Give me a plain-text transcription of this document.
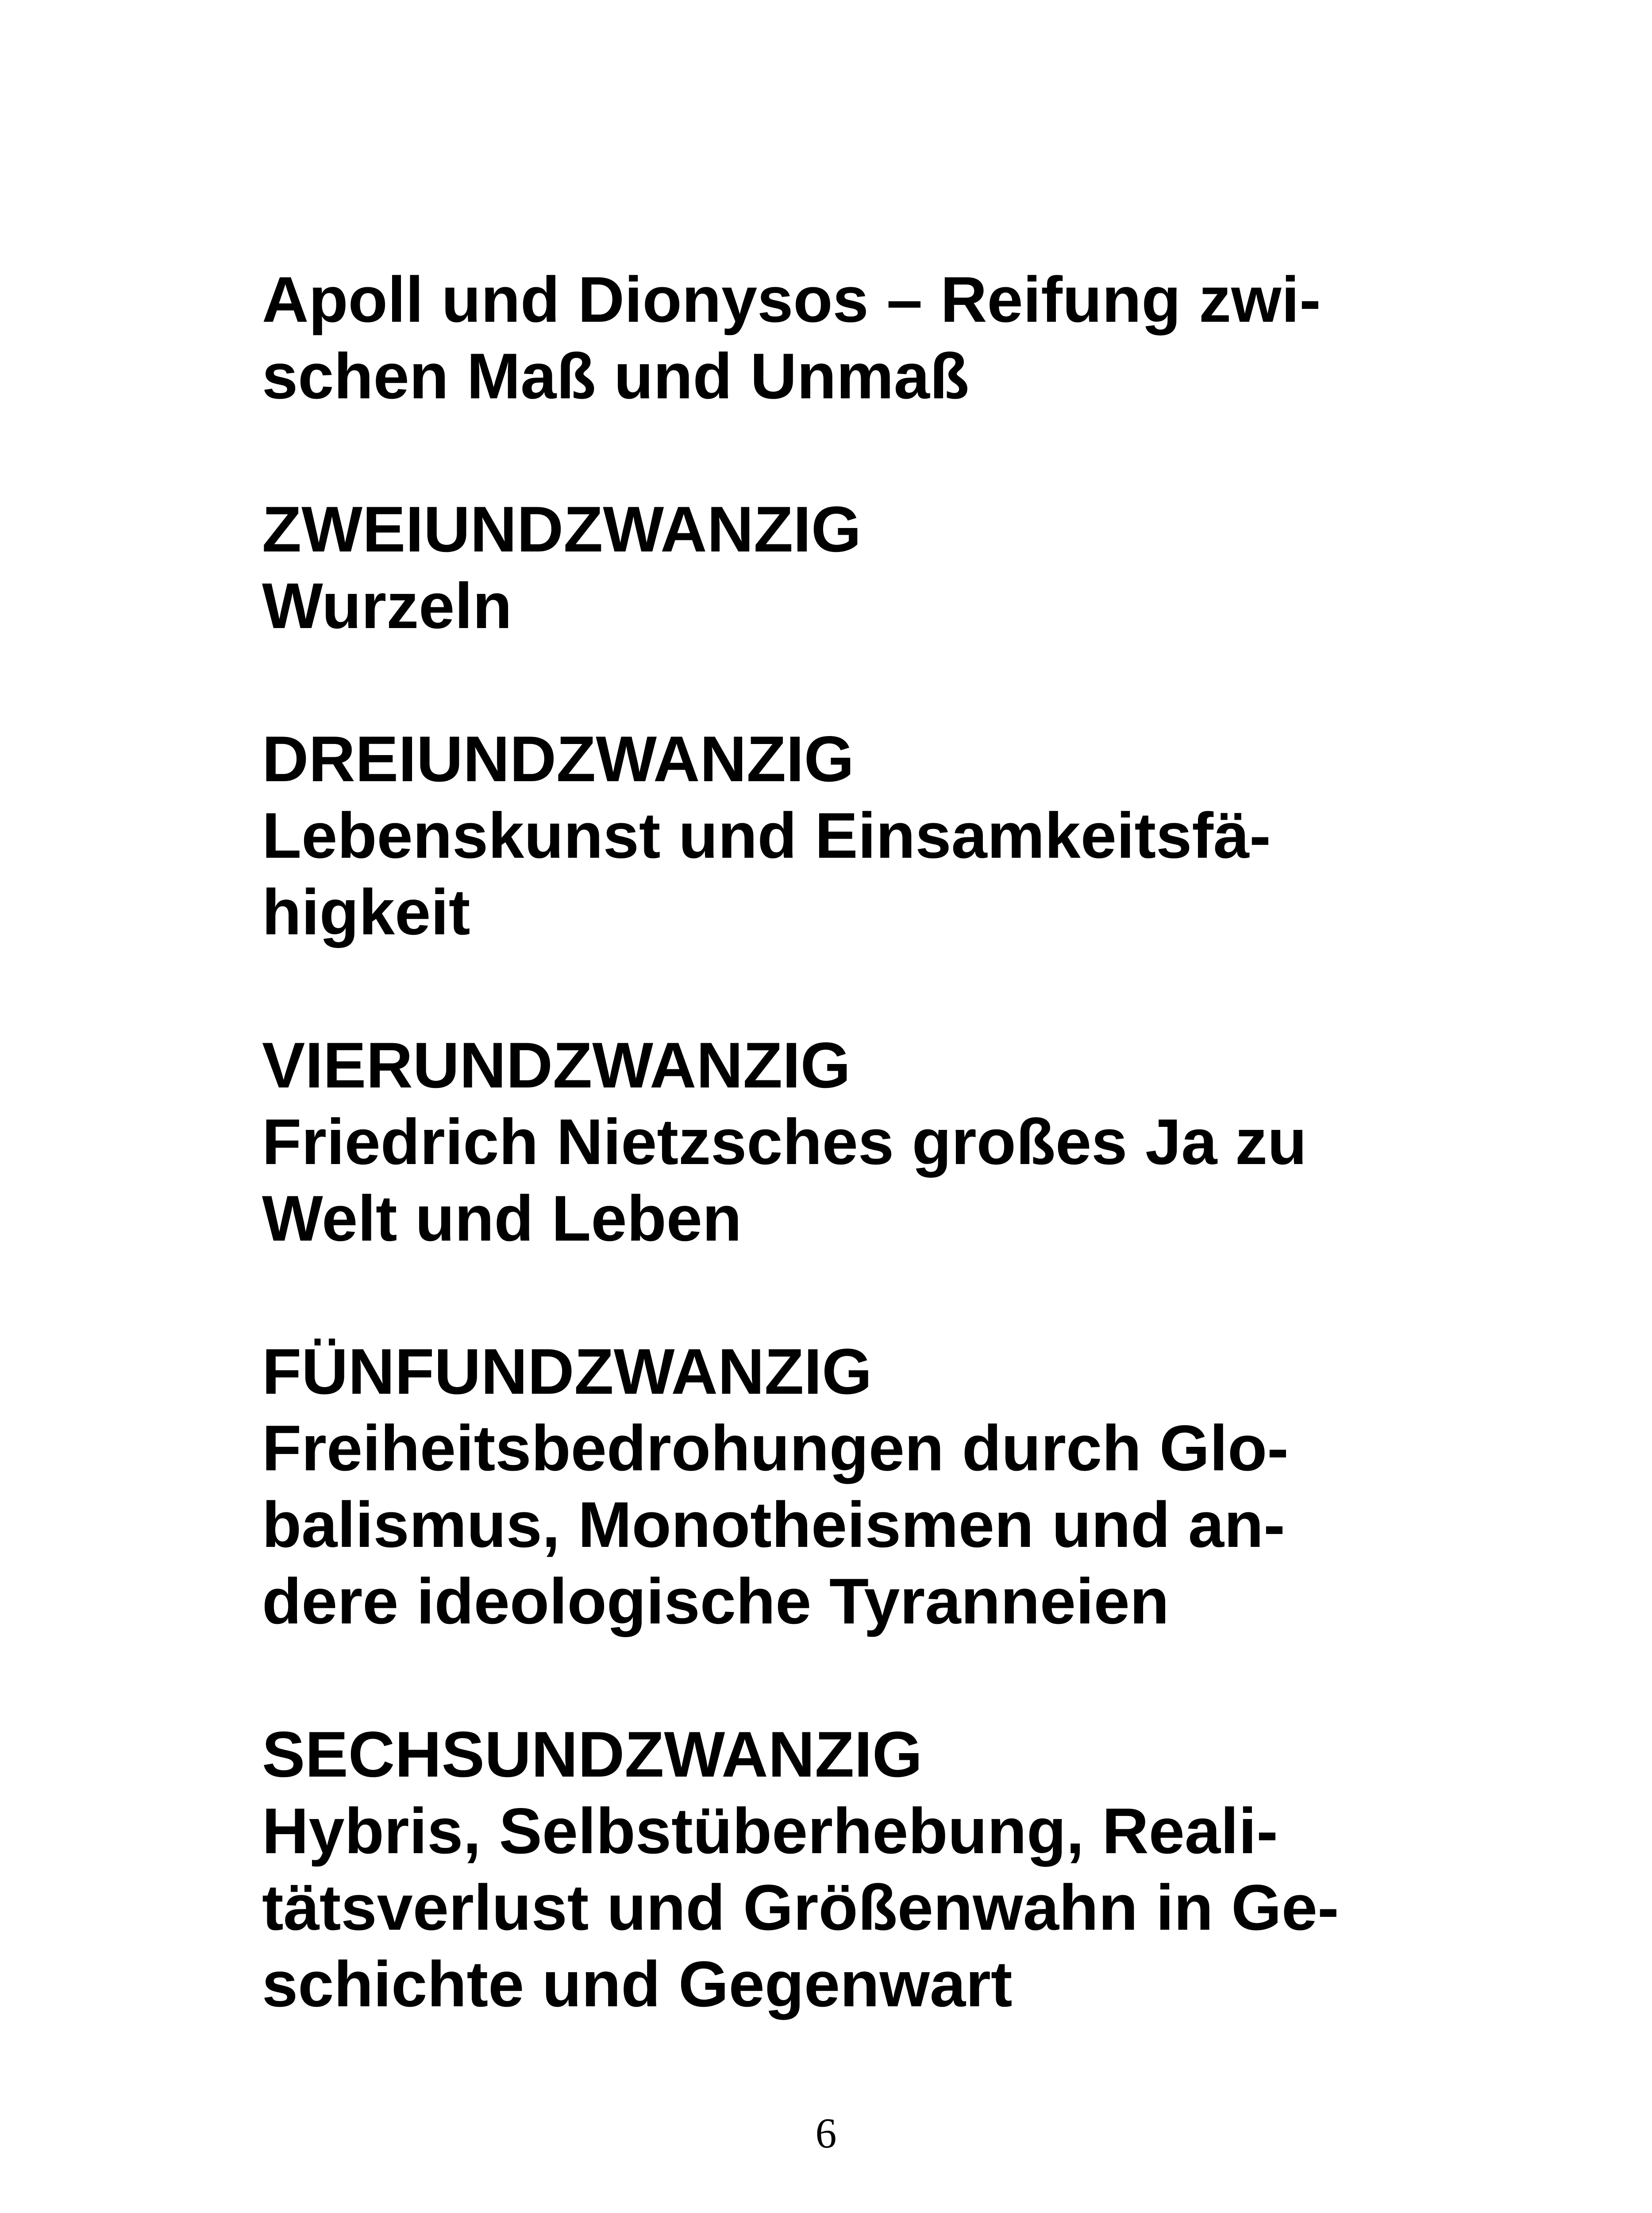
Apoll und Dionysos – Reifung zwi-
schen Maß und Unmaß
ZWEIUNDZWANZIG
Wurzeln
DREIUNDZWANZIG
Lebenskunst und Einsamkeitsfä-
higkeit
VIERUNDZWANZIG
Friedrich Nietzsches großes Ja zu
Welt und Leben
FÜNFUNDZWANZIG
Freiheitsbedrohungen durch Glo-
balismus, Monotheismen und an-
dere ideologische Tyranneien
SECHSUNDZWANZIG
Hybris, Selbstüberhebung, Reali-
tätsverlust und Größenwahn in Ge-
schichte und Gegenwart
6
